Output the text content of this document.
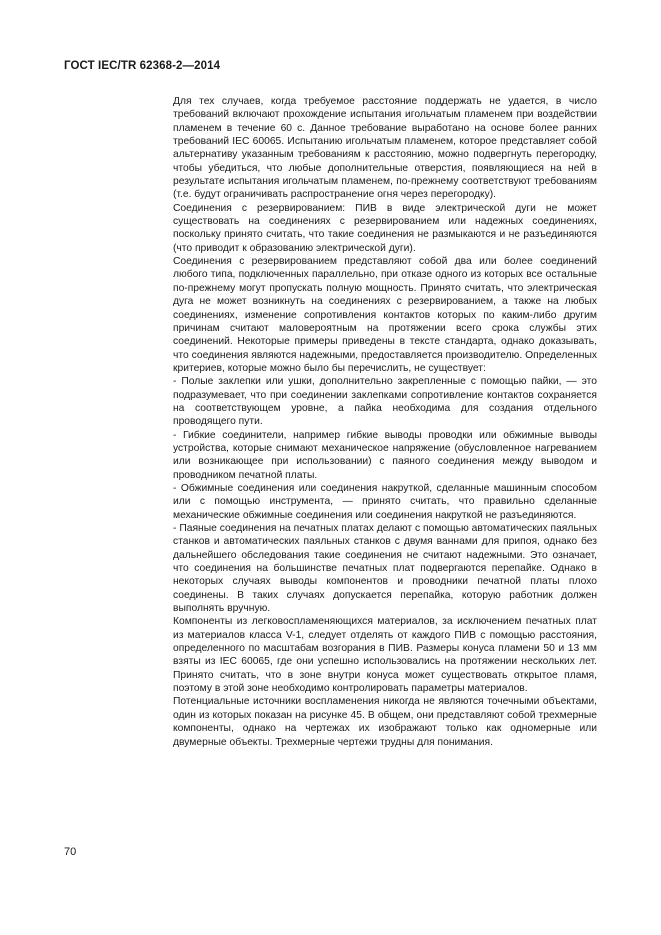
ГОСТ IEC/TR 62368-2—2014

Для тех случаев, когда требуемое расстояние поддержать не удается, в число требований включают прохождение испытания игольчатым пламенем при воздействии пламенем в течение 60 с. Данное требование выработано на основе более ранних требований IEC 60065. Испытанию игольчатым пламенем, которое представляет собой альтернативу указанным требованиям к расстоянию, можно подвергнуть перегородку, чтобы убедиться, что любые дополнительные отверстия, появляющиеся на ней в результате испытания игольчатым пламенем, по-прежнему соответствуют требованиям (т.е. будут ограничивать распространение огня через перегородку).

Соединения с резервированием: ПИВ в виде электрической дуги не может существовать на соединениях с резервированием или надежных соединениях, поскольку принято считать, что такие соединения не размыкаются и не разъединяются (что приводит к образованию электрической дуги).

Соединения с резервированием представляют собой два или более соединений любого типа, подключенных параллельно, при отказе одного из которых все остальные по-прежнему могут пропускать полную мощность. Принято считать, что электрическая дуга не может возникнуть на соединениях с резервированием, а также на любых соединениях, изменение сопротивления контактов которых по каким-либо другим причинам считают маловероятным на протяжении всего срока службы этих соединений. Некоторые примеры приведены в тексте стандарта, однако доказывать, что соединения являются надежными, предоставляется производителю. Определенных критериев, которые можно было бы перечислить, не существует:

- Полые заклепки или ушки, дополнительно закрепленные с помощью пайки, — это подразумевает, что при соединении заклепками сопротивление контактов сохраняется на соответствующем уровне, а пайка необходима для создания отдельного проводящего пути.

- Гибкие соединители, например гибкие выводы проводки или обжимные выводы устройства, которые снимают механическое напряжение (обусловленное нагреванием или возникающее при использовании) с паяного соединения между выводом и проводником печатной платы.

- Обжимные соединения или соединения накруткой, сделанные машинным способом или с помощью инструмента, — принято считать, что правильно сделанные механические обжимные соединения или соединения накруткой не разъединяются.

- Паяные соединения на печатных платах делают с помощью автоматических паяльных станков и автоматических паяльных станков с двумя ваннами для припоя, однако без дальнейшего обследования такие соединения не считают надежными. Это означает, что соединения на большинстве печатных плат подвергаются перепайке. Однако в некоторых случаях выводы компонентов и проводники печатной платы плохо соединены. В таких случаях допускается перепайка, которую работник должен выполнять вручную.

Компоненты из легковоспламеняющихся материалов, за исключением печатных плат из материалов класса V-1, следует отделять от каждого ПИВ с помощью расстояния, определенного по масштабам возгорания в ПИВ. Размеры конуса пламени 50 и 13 мм взяты из IEC 60065, где они успешно использовались на протяжении нескольких лет. Принято считать, что в зоне внутри конуса может существовать открытое пламя, поэтому в этой зоне необходимо контролировать параметры материалов.

Потенциальные источники воспламенения никогда не являются точечными объектами, один из которых показан на рисунке 45. В общем, они представляют собой трехмерные компоненты, однако на чертежах их изображают только как одномерные или двумерные объекты. Трехмерные чертежи трудны для понимания.

70
